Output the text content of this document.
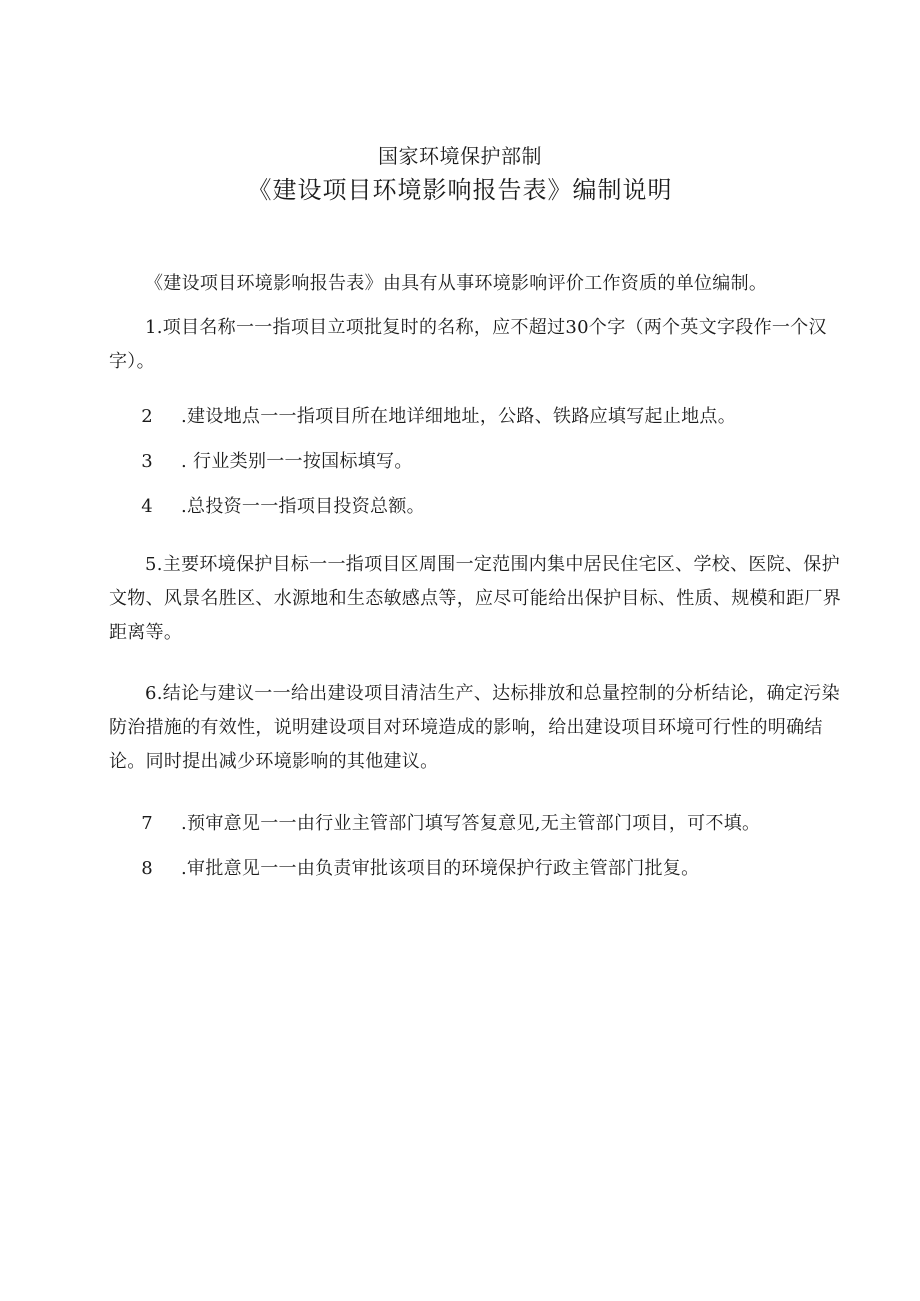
国家环境保护部制
《建设项目环境影响报告表》编制说明
《建设项目环境影响报告表》由具有从事环境影响评价工作资质的单位编制。
1.项目名称一一指项目立项批复时的名称，应不超过30个字（两个英文字段作一个汉字）。
2 .建设地点一一指项目所在地详细地址，公路、铁路应填写起止地点。
3 . 行业类别一一按国标填写。
4 .总投资一一指项目投资总额。
5.主要环境保护目标一一指项目区周围一定范围内集中居民住宅区、学校、医院、保护文物、风景名胜区、水源地和生态敏感点等，应尽可能给出保护目标、性质、规模和距厂界距离等。
6.结论与建议一一给出建设项目清洁生产、达标排放和总量控制的分析结论，确定污染防治措施的有效性，说明建设项目对环境造成的影响，给出建设项目环境可行性的明确结论。同时提出减少环境影响的其他建议。
7 .预审意见一一由行业主管部门填写答复意见,无主管部门项目，可不填。
8 .审批意见一一由负责审批该项目的环境保护行政主管部门批复。
